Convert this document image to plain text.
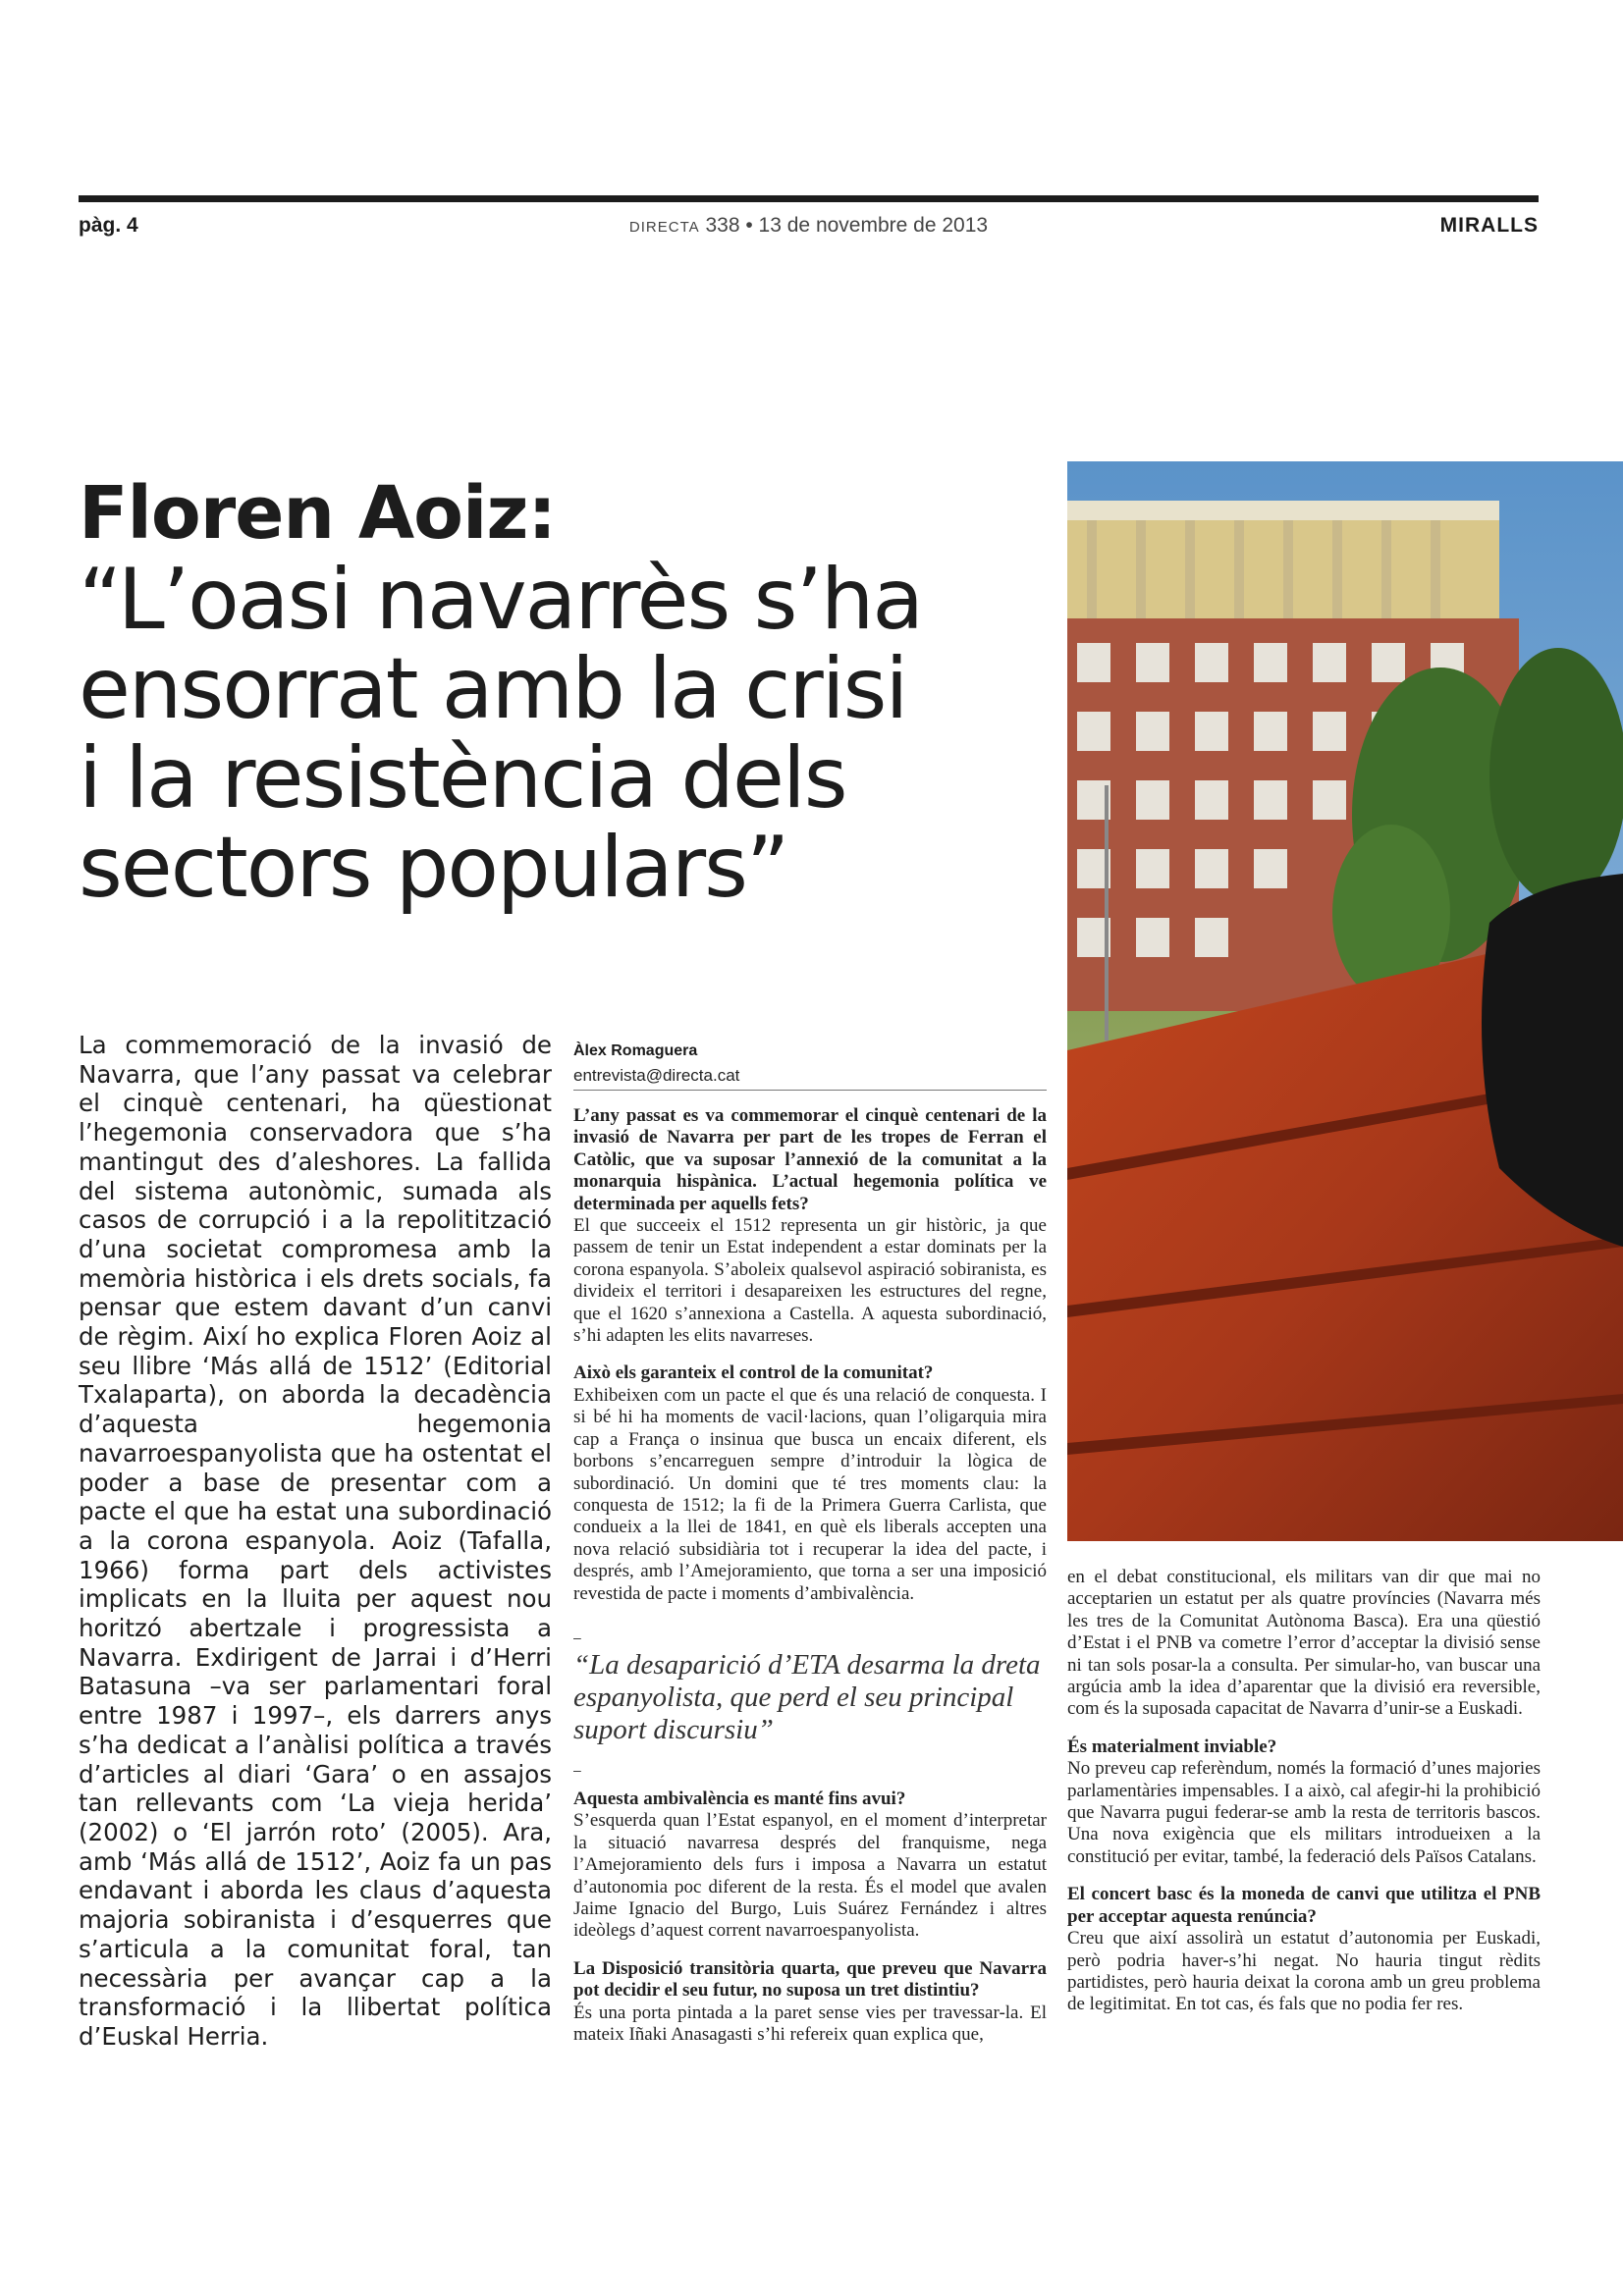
pàg. 4	DIRECTA 338 • 13 de novembre de 2013	MIRALLS
Floren Aoiz:
“L’oasi navarrès s’ha
ensorrat amb la crisi
i la resistència dels
sectors populars”

La commemoració de la invasió de Navarra, que l’any passat va celebrar el cinquè centenari, ha qüestionat l’hegemonia conservadora que s’ha mantingut des d’aleshores. La fallida del sistema autonòmic, sumada als casos de corrupció i a la repolitització d’una societat compromesa amb la memòria històrica i els drets socials, fa pensar que estem davant d’un canvi de règim. Així ho explica Floren Aoiz al seu llibre ‘Más allá de 1512’ (Editorial Txalaparta), on aborda la decadència d’aquesta hegemonia navarroespanyolista que ha ostentat el poder a base de presentar com a pacte el que ha estat una subordinació a la corona espanyola. Aoiz (Tafalla, 1966) forma part dels activistes implicats en la lluita per aquest nou horitzó abertzale i progressista a Navarra. Exdirigent de Jarrai i d’Herri Batasuna –va ser parlamentari foral entre 1987 i 1997–, els darrers anys s’ha dedicat a l’anàlisi política a través d’articles al diari ‘Gara’ o en assajos tan rellevants com ‘La vieja herida’ (2002) o ‘El jarrón roto’ (2005). Ara, amb ‘Más allá de 1512’, Aoiz fa un pas endavant i aborda les claus d’aquesta majoria sobiranista i d’esquerres que s’articula a la comunitat foral, tan necessària per avançar cap a la transformació i la llibertat política d’Euskal Herria.

Àlex Romaguera
entrevista@directa.cat

L’any passat es va commemorar el cinquè centenari de la invasió de Navarra per part de les tropes de Ferran el Catòlic, que va suposar l’annexió de la comunitat a la monarquia hispànica. L’actual hegemonia política ve determinada per aquells fets?

El que succeeix el 1512 representa un gir històric, ja que passem de tenir un Estat independent a estar dominats per la corona espanyola. S’aboleix qualsevol aspiració sobiranista, es divideix el territori i desapareixen les estructures del regne, que el 1620 s’annexiona a Castella. A aquesta subordinació, s’hi adapten les elits navarreses.

Això els garanteix el control de la comunitat?

Exhibeixen com un pacte el que és una relació de conquesta. I si bé hi ha moments de vacil·lacions, quan l’oligarquia mira cap a França o insinua que busca un encaix diferent, els borbons s’encarreguen sempre d’introduir la lògica de subordinació. Un domini que té tres moments clau: la conquesta de 1512; la fi de la Primera Guerra Carlista, que condueix a la llei de 1841, en què els liberals accepten una nova relació subsidiària tot i recuperar la idea del pacte, i després, amb l’Amejoramiento, que torna a ser una imposició revestida de pacte i moments d’ambivalència.

–
“La desaparició d’ETA desarma la dreta espanyolista, que perd el seu principal suport discursiu”
–

Aquesta ambivalència es manté fins avui?

S’esquerda quan l’Estat espanyol, en el moment d’interpretar la situació navarresa després del franquisme, nega l’Amejoramiento dels furs i imposa a Navarra un estatut d’autonomia poc diferent de la resta. És el model que avalen Jaime Ignacio del Burgo, Luis Suárez Fernández i altres ideòlegs d’aquest corrent navarroespanyolista.

La Disposició transitòria quarta, que preveu que Navarra pot decidir el seu futur, no suposa un tret distintiu?

És una porta pintada a la paret sense vies per travessar-la. El mateix Iñaki Anasagasti s’hi refereix quan explica que,

en el debat constitucional, els militars van dir que mai no acceptarien un estatut per als quatre províncies (Navarra més les tres de la Comunitat Autònoma Basca). Era una qüestió d’Estat i el PNB va cometre l’error d’acceptar la divisió sense ni tan sols posar-la a consulta. Per simular-ho, van buscar una argúcia amb la idea d’aparentar que la divisió era reversible, com és la suposada capacitat de Navarra d’unir-se a Euskadi.

És materialment inviable?

No preveu cap referèndum, només la formació d’unes majories parlamentàries impensables. I a això, cal afegir-hi la prohibició que Navarra pugui federar-se amb la resta de territoris bascos. Una nova exigència que els militars introdueixen a la constitució per evitar, també, la federació dels Països Catalans.

El concert basc és la moneda de canvi que utilitza el PNB per acceptar aquesta renúncia?

Creu que així assolirà un estatut d’autonomia per Euskadi, però podria haver-s’hi negat. No hauria tingut rèdits partidistes, però hauria deixat la corona amb un greu problema de legitimitat. En tot cas, és fals que no podia fer res.
